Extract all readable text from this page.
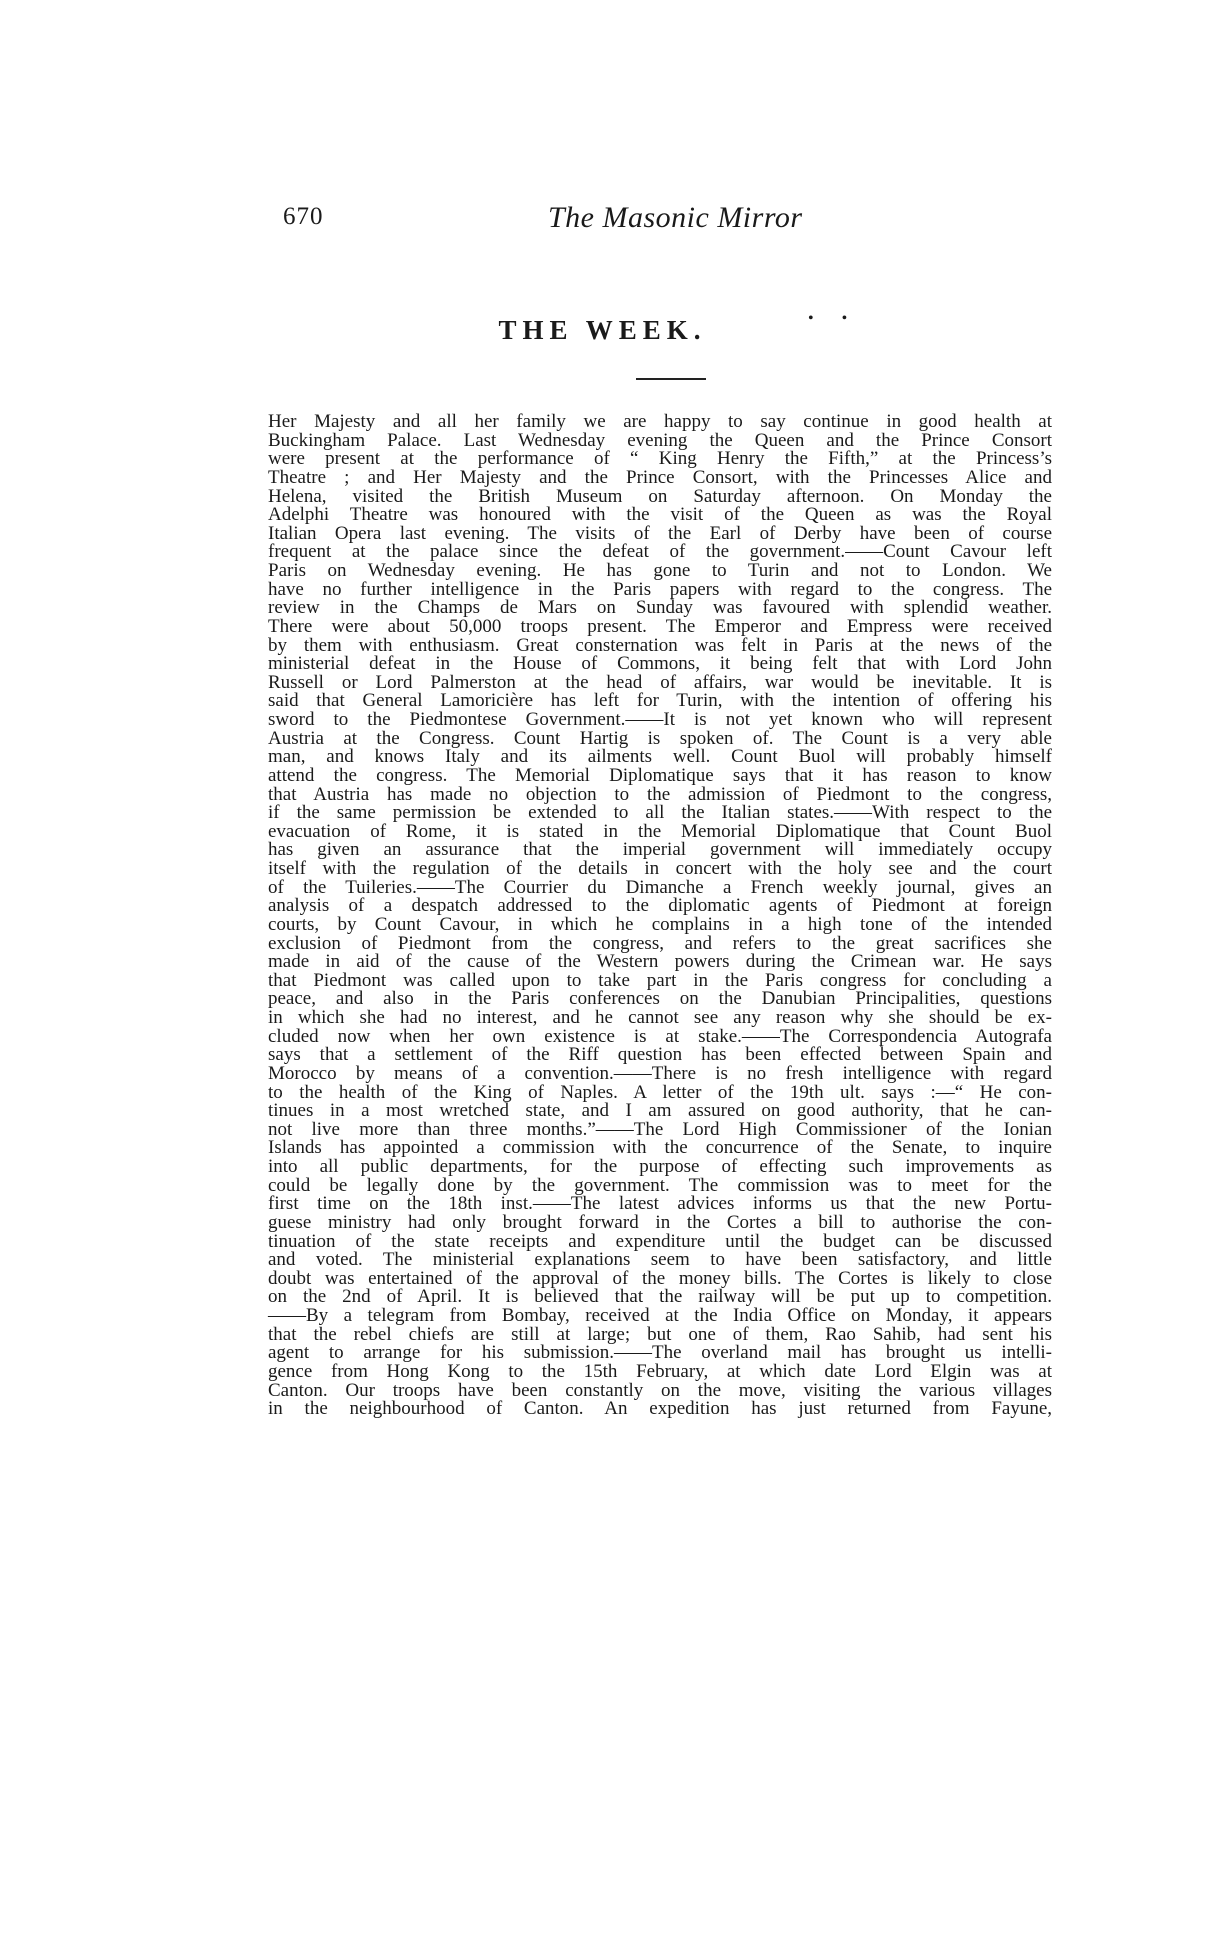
670	The Masonic Mirror
THE WEEK.	• •
Her Majesty and all her family we are happy to say continue in good health at
Buckingham Palace. Last Wednesday evening the Queen and the Prince Consort
were present at the performance of “ King Henry the Fifth,” at the Princess’s
Theatre ; and Her Majesty and the Prince Consort, with the Princesses Alice and
Helena, visited the British Museum on Saturday afternoon. On Monday the
Adelphi Theatre was honoured with the visit of the Queen as was the Royal
Italian Opera last evening. The visits of the Earl of Derby have been of course
frequent at the palace since the defeat of the government.——Count Cavour left
Paris on Wednesday evening. He has gone to Turin and not to London. We
have no further intelligence in the Paris papers with regard to the congress. The
review in the Champs de Mars on Sunday was favoured with splendid weather.
There were about 50,000 troops present. The Emperor and Empress were received
by them with enthusiasm. Great consternation was felt in Paris at the news of the
ministerial defeat in the House of Commons, it being felt that with Lord John
Russell or Lord Palmerston at the head of affairs, war would be inevitable. It is
said that General Lamoricière has left for Turin, with the intention of offering his
sword to the Piedmontese Government.——It is not yet known who will represent
Austria at the Congress. Count Hartig is spoken of. The Count is a very able
man, and knows Italy and its ailments well. Count Buol will probably himself
attend the congress. The Memorial Diplomatique says that it has reason to know
that Austria has made no objection to the admission of Piedmont to the congress,
if the same permission be extended to all the Italian states.——With respect to the
evacuation of Rome, it is stated in the Memorial Diplomatique that Count Buol
has given an assurance that the imperial government will immediately occupy
itself with the regulation of the details in concert with the holy see and the court
of the Tuileries.——The Courrier du Dimanche a French weekly journal, gives an
analysis of a despatch addressed to the diplomatic agents of Piedmont at foreign
courts, by Count Cavour, in which he complains in a high tone of the intended
exclusion of Piedmont from the congress, and refers to the great sacrifices she
made in aid of the cause of the Western powers during the Crimean war. He says
that Piedmont was called upon to take part in the Paris congress for concluding a
peace, and also in the Paris conferences on the Danubian Principalities, questions
in which she had no interest, and he cannot see any reason why she should be ex-
cluded now when her own existence is at stake.——The Correspondencia Autografa
says that a settlement of the Riff question has been effected between Spain and
Morocco by means of a convention.——There is no fresh intelligence with regard
to the health of the King of Naples. A letter of the 19th ult. says :—“ He con-
tinues in a most wretched state, and I am assured on good authority, that he can-
not live more than three months.”——The Lord High Commissioner of the Ionian
Islands has appointed a commission with the concurrence of the Senate, to inquire
into all public departments, for the purpose of effecting such improvements as
could be legally done by the government. The commission was to meet for the
first time on the 18th inst.——The latest advices informs us that the new Portu-
guese ministry had only brought forward in the Cortes a bill to authorise the con-
tinuation of the state receipts and expenditure until the budget can be discussed
and voted. The ministerial explanations seem to have been satisfactory, and little
doubt was entertained of the approval of the money bills. The Cortes is likely to close
on the 2nd of April. It is believed that the railway will be put up to competition.
——By a telegram from Bombay, received at the India Office on Monday, it appears
that the rebel chiefs are still at large; but one of them, Rao Sahib, had sent his
agent to arrange for his submission.——The overland mail has brought us intelli-
gence from Hong Kong to the 15th February, at which date Lord Elgin was at
Canton. Our troops have been constantly on the move, visiting the various villages
in the neighbourhood of Canton. An expedition has just returned from Fayune,
